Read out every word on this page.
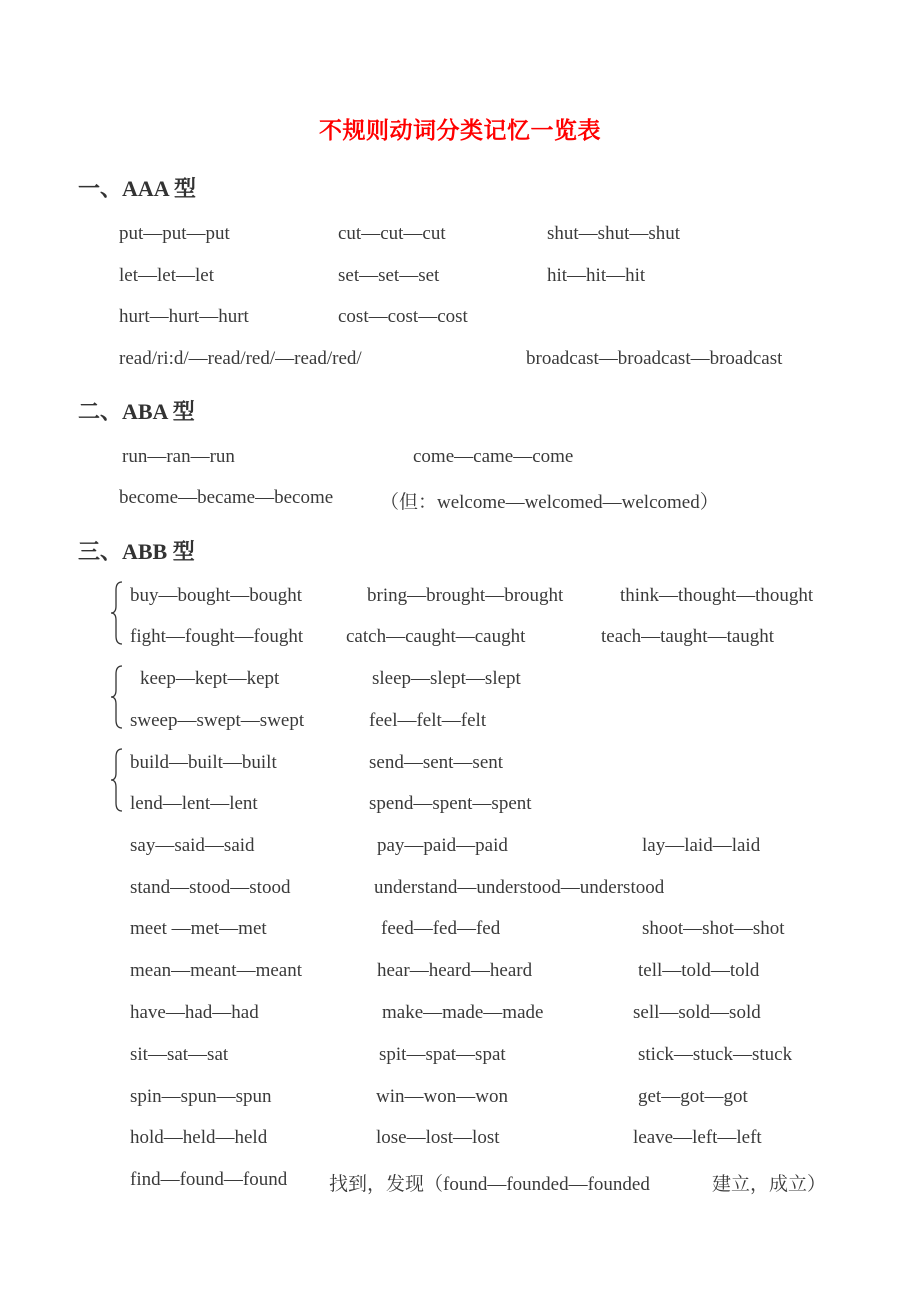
不规则动词分类记忆一览表
一、AAA 型
put—put—put	cut—cut—cut	shut—shut—shut
let—let—let	set—set—set	hit—hit—hit
hurt—hurt—hurt	cost—cost—cost
read/ri:d/—read/red/—read/red/	broadcast—broadcast—broadcast
二、ABA 型
run—ran—run	come—came—come
become—became—become （但：welcome—welcomed—welcomed）
三、ABB 型
buy—bought—bought	bring—brought—brought	think—thought—thought
fight—fought—fought catch—caught—caught	teach—taught—taught
keep—kept—kept	sleep—slept—slept
sweep—swept—swept	feel—felt—felt
build—built—built	send—sent—sent
lend—lent—lent	spend—spent—spent
say—said—said	pay—paid—paid	lay—laid—laid
stand—stood—stood	understand—understood—understood
meet —met—met	feed—fed—fed	shoot—shot—shot
mean—meant—meant	hear—heard—heard	tell—told—told
have—had—had	make—made—made	sell—sold—sold
sit—sat—sat	spit—spat—spat	stick—stuck—stuck
spin—spun—spun	win—won—won	get—got—got
hold—held—held	lose—lost—lost	leave—left—left
find—found—found 找到，发现（found—founded—founded	建立，成立）
